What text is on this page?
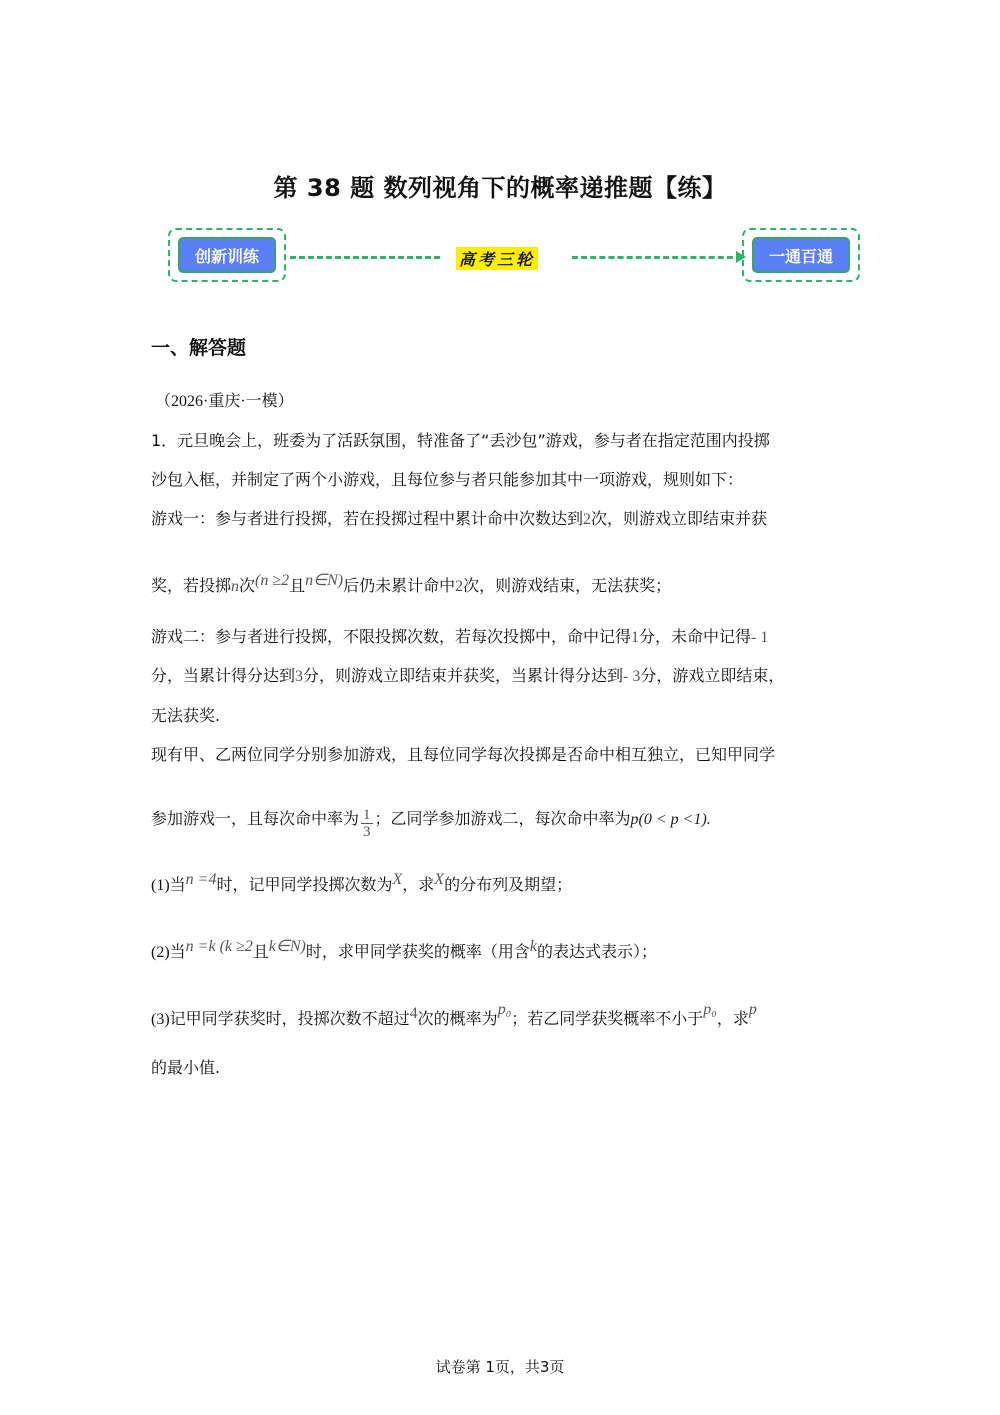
第 38 题 数列视角下的概率递推题【练】
创新训练	高考三轮	一通百通
一、解答题
（2026·重庆·一模）
1．元旦晚会上，班委为了活跃氛围，特准备了“丢沙包”游戏，参与者在指定范围内投掷
沙包入框，并制定了两个小游戏，且每位参与者只能参加其中一项游戏，规则如下：
游戏一：参与者进行投掷，若在投掷过程中累计命中次数达到2次，则游戏立即结束并获
奖，若投掷n次(n ≥2且n∈N)后仍未累计命中2次，则游戏结束，无法获奖；
游戏二：参与者进行投掷，不限投掷次数，若每次投掷中，命中记得1分，未命中记得- 1
分，当累计得分达到3分，则游戏立即结束并获奖，当累计得分达到- 3分，游戏立即结束，
无法获奖.
现有甲、乙两位同学分别参加游戏，且每位同学每次投掷是否命中相互独立，已知甲同学
参加游戏一，且每次命中率为 $\frac{1}{3}$ ；乙同学参加游戏二，每次命中率为p(0 < p <1).
(1)当n =4时，记甲同学投掷次数为X，求X的分布列及期望；
(2)当n =k (k ≥2且k∈N)时，求甲同学获奖的概率（用含k的表达式表示）；
(3)记甲同学获奖时，投掷次数不超过4次的概率为p₀；若乙同学获奖概率不小于p₀，求p
的最小值.
试卷第 1页，共3页
